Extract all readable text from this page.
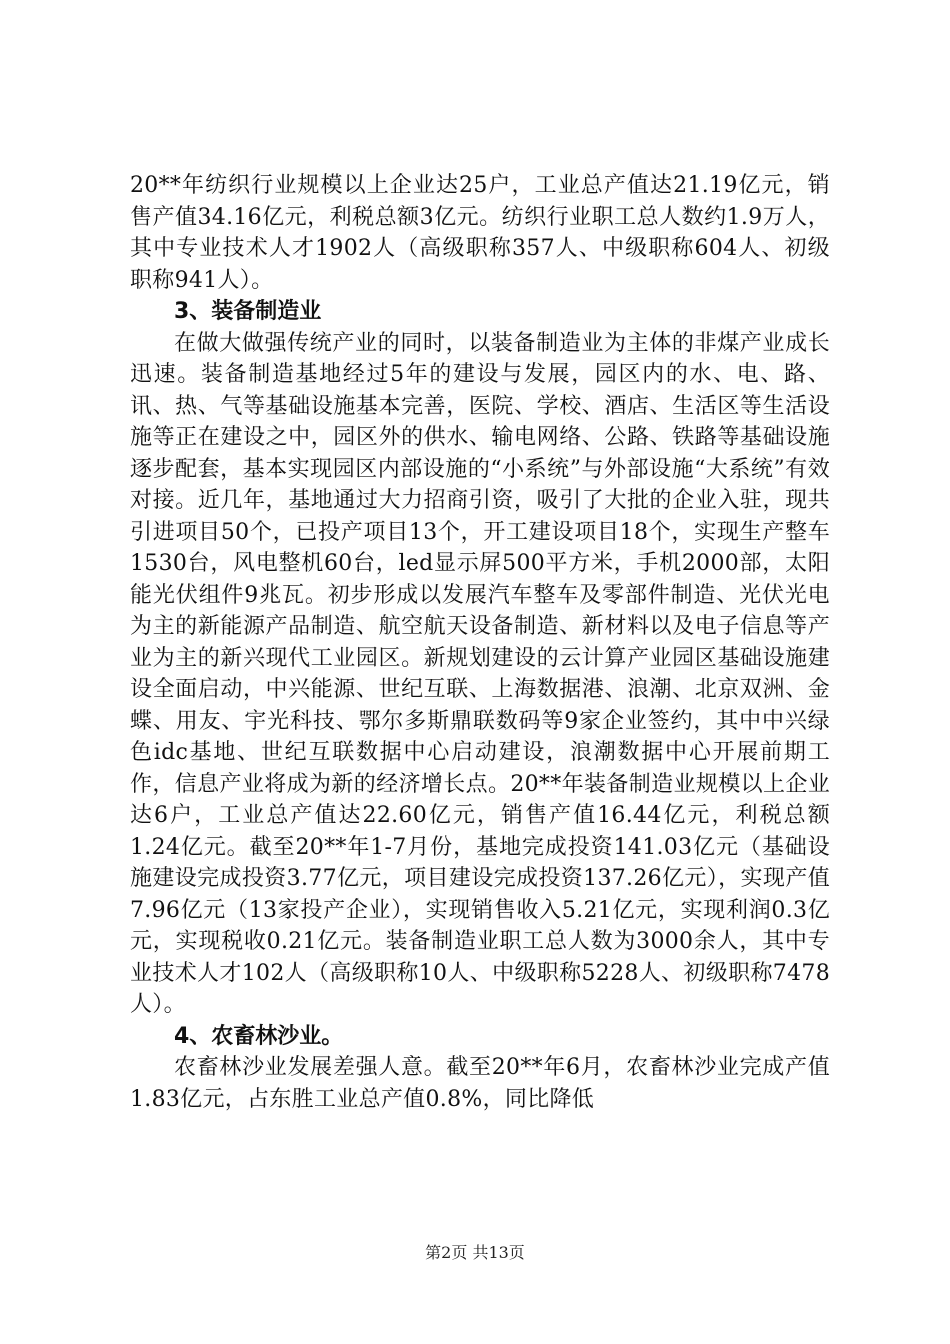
20**年纺织行业规模以上企业达25户，工业总产值达21.19亿元，销售产值34.16亿元，利税总额3亿元。纺织行业职工总人数约1.9万人，其中专业技术人才1902人（高级职称357人、中级职称604人、初级职称941人）。

3、装备制造业

在做大做强传统产业的同时，以装备制造业为主体的非煤产业成长迅速。装备制造基地经过5年的建设与发展，园区内的水、电、路、讯、热、气等基础设施基本完善，医院、学校、酒店、生活区等生活设施等正在建设之中，园区外的供水、输电网络、公路、铁路等基础设施逐步配套，基本实现园区内部设施的“小系统”与外部设施“大系统”有效对接。近几年，基地通过大力招商引资，吸引了大批的企业入驻，现共引进项目50个，已投产项目13个，开工建设项目18个，实现生产整车1530台，风电整机60台，led显示屏500平方米，手机2000部，太阳能光伏组件9兆瓦。初步形成以发展汽车整车及零部件制造、光伏光电为主的新能源产品制造、航空航天设备制造、新材料以及电子信息等产业为主的新兴现代工业园区。新规划建设的云计算产业园区基础设施建设全面启动，中兴能源、世纪互联、上海数据港、浪潮、北京双洲、金蝶、用友、宇光科技、鄂尔多斯鼎联数码等9家企业签约，其中中兴绿色idc基地、世纪互联数据中心启动建设，浪潮数据中心开展前期工作，信息产业将成为新的经济增长点。20**年装备制造业规模以上企业达6户，工业总产值达22.60亿元，销售产值16.44亿元，利税总额1.24亿元。截至20**年1-7月份，基地完成投资141.03亿元（基础设施建设完成投资3.77亿元，项目建设完成投资137.26亿元），实现产值7.96亿元（13家投产企业），实现销售收入5.21亿元，实现利润0.3亿元，实现税收0.21亿元。装备制造业职工总人数为3000余人，其中专业技术人才102人（高级职称10人、中级职称5228人、初级职称7478人）。

4、农畜林沙业。

农畜林沙业发展差强人意。截至20**年6月，农畜林沙业完成产值1.83亿元，占东胜工业总产值0.8%，同比降低

第2页 共13页
